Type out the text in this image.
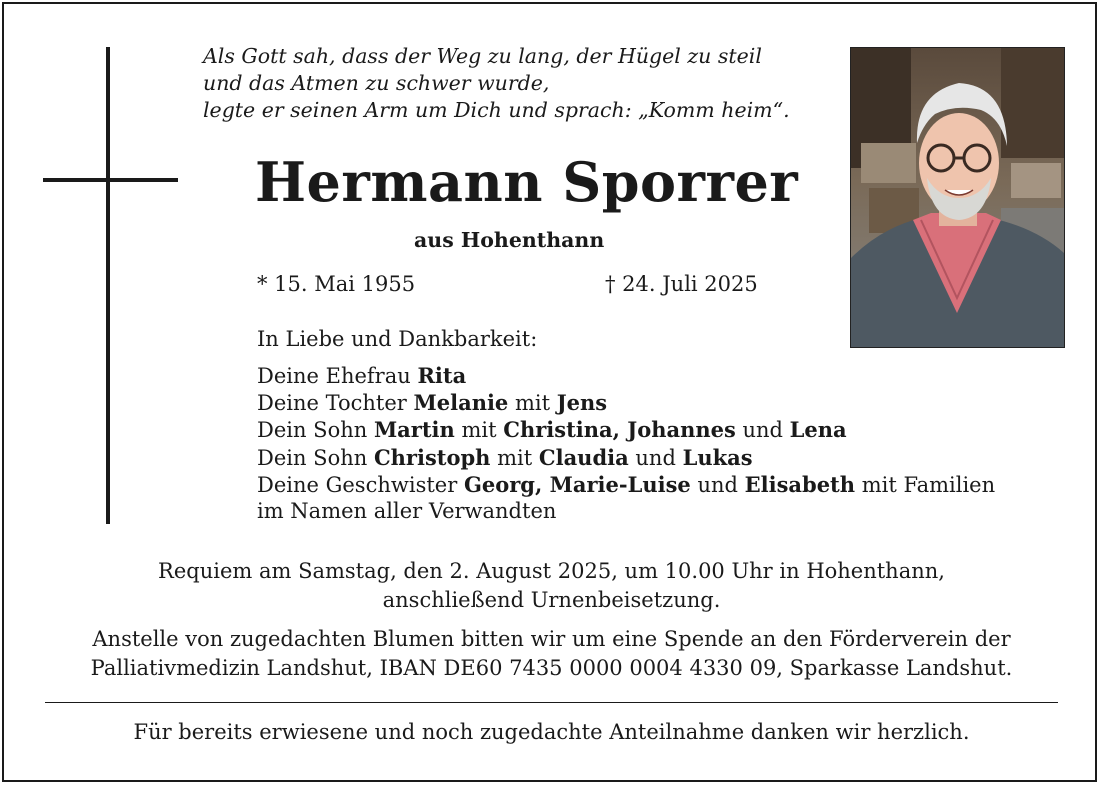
Als Gott sah, dass der Weg zu lang, der Hügel zu steil
und das Atmen zu schwer wurde,
legte er seinen Arm um Dich und sprach: „Komm heim“.
Hermann Sporrer
aus Hohenthann
* 15. Mai 1955	† 24. Juli 2025
In Liebe und Dankbarkeit:
Deine Ehefrau Rita
Deine Tochter Melanie mit Jens
Dein Sohn Martin mit Christina, Johannes und Lena
Dein Sohn Christoph mit Claudia und Lukas
Deine Geschwister Georg, Marie-Luise und Elisabeth mit Familien
im Namen aller Verwandten
Requiem am Samstag, den 2. August 2025, um 10.00 Uhr in Hohenthann,
anschließend Urnenbeisetzung.
Anstelle von zugedachten Blumen bitten wir um eine Spende an den Förderverein der
Palliativmedizin Landshut, IBAN DE60 7435 0000 0004 4330 09, Sparkasse Landshut.
Für bereits erwiesene und noch zugedachte Anteilnahme danken wir herzlich.
